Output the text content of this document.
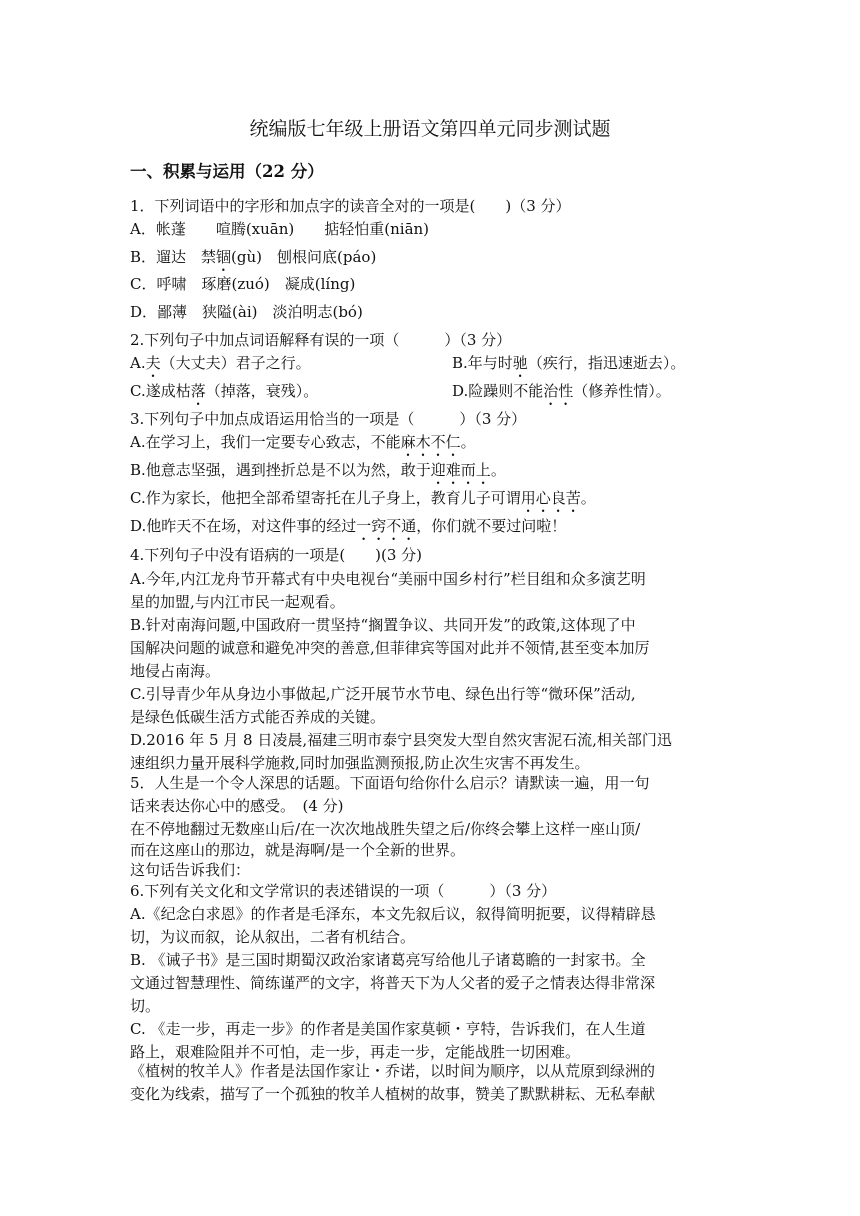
统编版七年级上册语文第四单元同步测试题
一、积累与运用（22 分）
1．下列词语中的字形和加点字的读音全对的一项是(　　)（3 分）
A．帐蓬　　喧腾(xuān)　　掂轻怕重(niān)
B．遛达　禁锢(gù)　刨根问底(páo)
C．呼啸　琢磨(zuó)　凝成(líng)
D．鄙薄　狭隘(ài)　淡泊明志(bó)
2.下列句子中加点词语解释有误的一项（　　　）（3 分）
A.夫（大丈夫）君子之行。	B.年与时驰（疾行，指迅速逝去）。
C.遂成枯落（掉落，衰残）。	D.险躁则不能治性（修养性情）。
3.下列句子中加点成语运用恰当的一项是（　　　）（3 分）
A.在学习上，我们一定要专心致志，不能麻木不仁。
B.他意志坚强，遇到挫折总是不以为然，敢于迎难而上。
C.作为家长，他把全部希望寄托在儿子身上，教育儿子可谓用心良苦。
D.他昨天不在场，对这件事的经过一窍不通，你们就不要过问啦！
4.下列句子中没有语病的一项是(　　)(3 分)
A.今年,内江龙舟节开幕式有中央电视台“美丽中国乡村行”栏目组和众多演艺明
星的加盟,与内江市民一起观看。
B.针对南海问题,中国政府一贯坚持“搁置争议、共同开发”的政策,这体现了中
国解决问题的诚意和避免冲突的善意,但菲律宾等国对此并不领情,甚至变本加厉
地侵占南海。
C.引导青少年从身边小事做起,广泛开展节水节电、绿色出行等“微环保”活动,
是绿色低碳生活方式能否养成的关键。
D.2016 年 5 月 8 日凌晨,福建三明市泰宁县突发大型自然灾害泥石流,相关部门迅
速组织力量开展科学施救,同时加强监测预报,防止次生灾害不再发生。
5．人生是一个令人深思的话题。下面语句给你什么启示？请默读一遍，用一句
话来表达你心中的感受。　(4 分)
在不停地翻过无数座山后/在一次次地战胜失望之后/你终会攀上这样一座山顶/
而在这座山的那边，就是海啊/是一个全新的世界。
这句话告诉我们：
6.下列有关文化和文学常识的表述错误的一项（　　　）（3 分）
A.《纪念白求恩》的作者是毛泽东，本文先叙后议，叙得简明扼要，议得精辟恳
切，为议而叙，论从叙出，二者有机结合。
B. 《诫子书》是三国时期蜀汉政治家诸葛亮写给他儿子诸葛瞻的一封家书。全
文通过智慧理性、简练谨严的文字，将普天下为人父者的爱子之情表达得非常深
切。
C. 《走一步，再走一步》的作者是美国作家莫顿・亨特，告诉我们，在人生道
路上，艰难险阻并不可怕，走一步，再走一步，定能战胜一切困难。
《植树的牧羊人》作者是法国作家让・乔诺，以时间为顺序，以从荒原到绿洲的
变化为线索，描写了一个孤独的牧羊人植树的故事，赞美了默默耕耘、无私奉献
